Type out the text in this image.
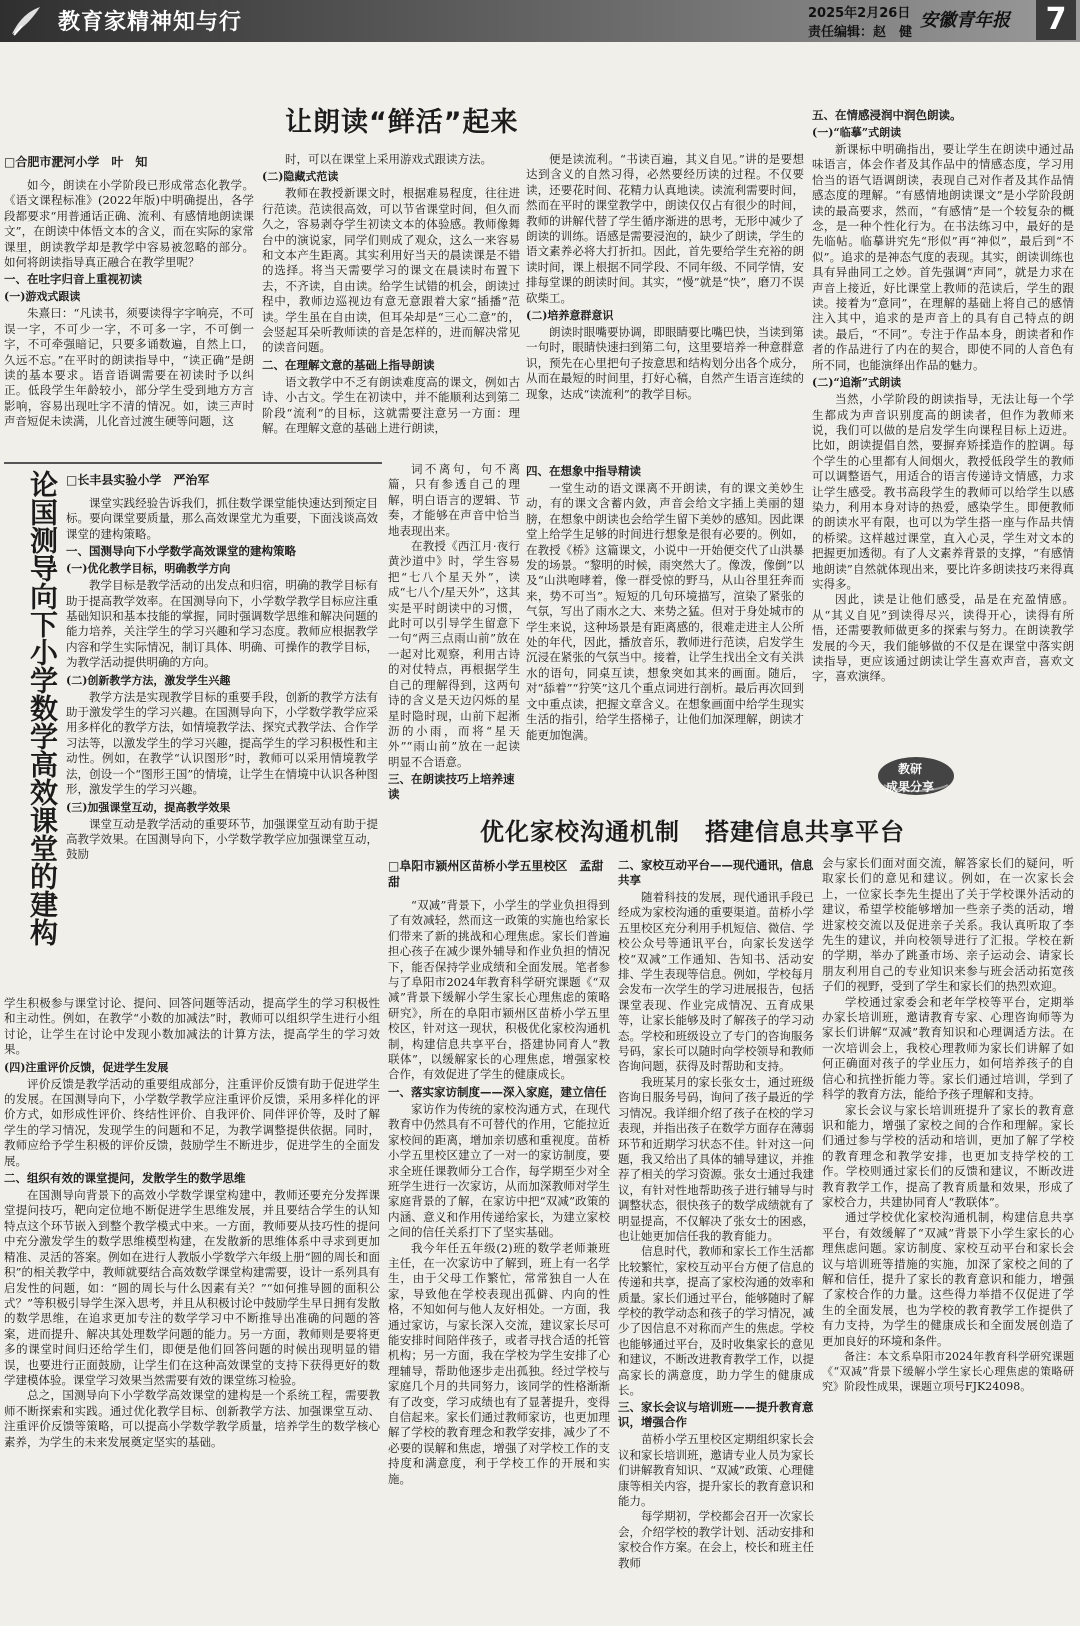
教育家精神知与行	2025年2月26日
责任编辑：赵　健
安徽青年报	7
让朗读“鲜活”起来
□合肥市淝河小学　叶　知

如今，朗读在小学阶段已形成常态化教学。《语文课程标准》(2022年版)中明确提出，各学段都要求“用普通话正确、流利、有感情地朗读课文”，在朗读中体悟文本的含义，而在实际的家常课里，朗读教学却是教学中容易被忽略的部分。如何将朗读指导真正融合在教学里呢？

一、在吐字归音上重视初读

(一)游戏式跟读

朱熹曰：“凡读书，须要读得字字响亮，不可误一字，不可少一字，不可多一字，不可倒一字，不可牵强暗记，只要多诵数遍，自然上口，久远不忘。”在平时的朗读指导中，“读正确”是朗读的基本要求。语音语调需要在初读时予以纠正。低段学生年龄较小，部分学生受到地方方言影响，容易出现吐字不清的情况。如，读三声时声音短促未读满，儿化音过渡生硬等问题，这

时，可以在课堂上采用游戏式跟读方法。

(二)隐藏式范读

教师在教授新课文时，根据难易程度，往往进行范读。范读很高效，可以节省课堂时间，但久而久之，容易剥夺学生初读文本的体验感。教师像舞台中的演说家，同学们则成了观众，这么一来容易和文本产生距离。其实利用好当天的晨读课是不错的选择。将当天需要学习的课文在晨读时布置下去，不齐读，自由读。给学生试错的机会，朗读过程中，教师边巡视边有意无意跟着大家“插播”范读。学生虽在自由读，但耳朵却是“三心二意”的，会竖起耳朵听教师读的音是怎样的，进而解决常见的读音问题。

二、在理解文意的基础上指导朗读

语文教学中不乏有朗读难度高的课文，例如古诗、小古文。学生在初读中，并不能顺利达到第二阶段“流利”的目标，这就需要注意另一方面：理解。在理解文意的基础上进行朗读，

便是读流利。“书读百遍，其义自见。”讲的是要想达到含义的自然习得，必然要经历读的过程。不仅要读，还要花时间、花精力认真地读。读流利需要时间，然而在平时的课堂教学中，朗读仅仅占有很少的时间，教师的讲解代替了学生循序渐进的思考，无形中减少了朗读的训练。语感是需要浸泡的，缺少了朗读，学生的语文素养必将大打折扣。因此，首先要给学生充裕的朗读时间，课上根据不同学段、不同年级、不同学情，安排每堂课的朗读时间。其实，“慢”就是“快”，磨刀不误砍柴工。

(二)培养意群意识

朗读时眼嘴要协调，即眼睛要比嘴巴快，当读到第一句时，眼睛快速扫到第二句，这里要培养一种意群意识，预先在心里把句子按意思和结构划分出各个成分，从而在最短的时间里，打好心稿，自然产生语言连续的现象，达成“读流利”的教学目标。

词不离句，句不离篇，只有参透自己的理解，明白语言的逻辑、节奏，才能够在声音中恰当地表现出来。

在教授《西江月·夜行黄沙道中》时，学生容易把“七八个星天外”，读成“七八个/星天外”，这其实是平时朗读中的习惯，此时可以引导学生留意下一句“两三点雨山前”放在一起对比观察，利用古诗的对仗特点，再根据学生自己的理解得到，这两句诗的含义是天边闪烁的星星时隐时现，山前下起淅沥的小雨，而将“星天外”“雨山前”放在一起读明显不合语意。

三、在朗读技巧上培养速读

四、在想象中指导精读

一堂生动的语文课离不开朗读，有的课文美妙生动，有的课文含蓄内敛，声音会给文字插上美丽的翅膀，在想象中朗读也会给学生留下美妙的感知。因此课堂上给学生足够的时间进行想象是很有必要的。例如，在教授《桥》这篇课文，小说中一开始便交代了山洪暴发的场景。“黎明的时候，雨突然大了。像泼，像倒”以及“山洪咆哮着，像一群受惊的野马，从山谷里狂奔而来，势不可当”。短短的几句环境描写，渲染了紧张的气氛，写出了雨水之大、来势之猛。但对于身处城市的学生来说，这种场景是有距离感的，很难走进主人公所处的年代，因此，播放音乐，教师进行范读，启发学生沉浸在紧张的气氛当中。接着，让学生找出全文有关洪水的语句，同桌互读，想象突如其来的画面。随后，对“舔着”“狞笑”这几个重点词进行剖析。最后再次回到文中重点读，把握文章含义。在想象画面中给学生现实生活的指引，给学生搭梯子，让他们加深理解，朗读才能更加饱满。

五、在情感浸润中润色朗读。

(一)“临摹”式朗读

新课标中明确指出，要让学生在朗读中通过品味语言，体会作者及其作品中的情感态度，学习用恰当的语气语调朗读，表现自己对作者及其作品情感态度的理解。“有感情地朗读课文”是小学阶段朗读的最高要求，然而，“有感情”是一个较复杂的概念，是一种个性化行为。在书法练习中，最好的是先临帖。临摹讲究先“形似”再“神似”，最后到“不似”。追求的是神态气度的表现。其实，朗读训练也具有异曲同工之妙。首先强调“声同”，就是力求在声音上接近，好比课堂上教师的范读后，学生的跟读。接着为“意同”，在理解的基础上将自己的感情注入其中，追求的是声音上的具有自己特点的朗读。最后，“不同”。专注于作品本身，朗读者和作者的作品进行了内在的契合，即使不同的人音色有所不同，也能演绎出作品的魅力。

(二)“追渐”式朗读

当然，小学阶段的朗读指导，无法让每一个学生都成为声音识别度高的朗读者，但作为教师来说，我们可以做的是启发学生向课程目标上迈进。比如，朗读提倡自然，要摒弃矫揉造作的腔调。每个学生的心里都有人间烟火，教授低段学生的教师可以调整语气，用适合的语言传递诗文情感，力求让学生感受。教书高段学生的教师可以给学生以感染力，利用本身对诗的热爱，感染学生。即便教师的朗读水平有限，也可以为学生搭一座与作品共情的桥梁。这样越过课堂，直入心灵，学生对文本的把握更加透彻。有了人文素养背景的支撑，“有感情地朗读”自然就体现出来，要比许多朗读技巧来得真实得多。

因此，读是让他们感受，品是在充盈情感。从“其义自见”到读得尽兴，读得开心，读得有所悟，还需要教师做更多的探索与努力。在朗读教学发展的今天，我们能够做的不仅是在课堂中落实朗读指导，更应该通过朗读让学生喜欢声音，喜欢文字，喜欢演绎。

论国测导向下小学数学高效课堂的建构 □长丰县实验小学　严治军

课堂实践经验告诉我们，抓住数学课堂能快速达到预定目标。要向课堂要质量，那么高效课堂尤为重要，下面浅谈高效课堂的建构策略。

一、国测导向下小学数学高效课堂的建构策略

(一)优化教学目标，明确教学方向

教学目标是教学活动的出发点和归宿，明确的教学目标有助于提高教学效率。在国测导向下，小学数学教学目标应注重基础知识和基本技能的掌握，同时强调数学思维和解决问题的能力培养，关注学生的学习兴趣和学习态度。教师应根据教学内容和学生实际情况，制订具体、明确、可操作的教学目标，为教学活动提供明确的方向。

(二)创新教学方法，激发学生兴趣

教学方法是实现教学目标的重要手段，创新的教学方法有助于激发学生的学习兴趣。在国测导向下，小学数学教学应采用多样化的教学方法，如情境教学法、探究式教学法、合作学习法等，以激发学生的学习兴趣，提高学生的学习积极性和主动性。例如，在教学“认识图形”时，教师可以采用情境教学法，创设一个“图形王国”的情境，让学生在情境中认识各种图形，激发学生的学习兴趣。

(三)加强课堂互动，提高教学效果

课堂互动是教学活动的重要环节，加强课堂互动有助于提高教学效果。在国测导向下，小学数学教学应加强课堂互动，鼓励

学生积极参与课堂讨论、提问、回答问题等活动，提高学生的学习积极性和主动性。例如，在教学“小数的加减法”时，教师可以组织学生进行小组讨论，让学生在讨论中发现小数加减法的计算方法，提高学生的学习效果。

(四)注重评价反馈，促进学生发展

评价反馈是教学活动的重要组成部分，注重评价反馈有助于促进学生的发展。在国测导向下，小学数学教学应注重评价反馈，采用多样化的评价方式，如形成性评价、终结性评价、自我评价、同伴评价等，及时了解学生的学习情况，发现学生的问题和不足，为教学调整提供依据。同时，教师应给予学生积极的评价反馈，鼓励学生不断进步，促进学生的全面发展。

二、组织有效的课堂提问，发散学生的数学思维

在国测导向背景下的高效小学数学课堂构建中，教师还要充分发挥课堂提问技巧，靶向定位地不断促进学生思维发展，并且要结合学生的认知特点这个环节嵌入到整个教学模式中来。一方面，教师要从技巧性的提问中充分激发学生的数学思维模型构建，在发散新的思维体系中寻求到更加精准、灵活的答案。例如在进行人教版小学数学六年级上册“圆的周长和面积”的相关教学中，教师就要结合高效数学课堂构建需要，设计一系列具有启发性的问题，如：“圆的周长与什么因素有关？”“如何推导圆的面积公式？”等积极引导学生深入思考，并且从积极讨论中鼓励学生早日拥有发散的数学思维，在追求更加专注的数学学习中不断推导出准确的问题的答案，进而提升、解决其处理数学问题的能力。另一方面，教师则是要将更多的课堂时间归还给学生们，即便是他们回答问题的时候出现明显的错误，也要进行正面鼓励，让学生们在这种高效课堂的支持下获得更好的数学建模体验。课堂学习效果当然需要有效的课堂练习检验。

总之，国测导向下小学数学高效课堂的建构是一个系统工程，需要教师不断探索和实践。通过优化教学目标、创新教学方法、加强课堂互动、注重评价反馈等策略，可以提高小学数学教学质量，培养学生的数学核心素养，为学生的未来发展奠定坚实的基础。

教研
成果分享
优化家校沟通机制　搭建信息共享平台
□阜阳市颍州区苗桥小学五里校区　孟甜甜

“双减”背景下，小学生的学业负担得到了有效减轻，然而这一政策的实施也给家长们带来了新的挑战和心理焦虑。家长们普遍担心孩子在减少课外辅导和作业负担的情况下，能否保持学业成绩和全面发展。笔者参与了阜阳市2024年教育科学研究课题《“双减”背景下缓解小学生家长心理焦虑的策略研究》，所在的阜阳市颍州区苗桥小学五里校区，针对这一现状，积极优化家校沟通机制，构建信息共享平台，搭建协同育人“教联体”，以缓解家长的心理焦虑，增强家校合作，有效促进了学生的健康成长。

一、落实家访制度——深入家庭，建立信任

家访作为传统的家校沟通方式，在现代教育中仍然具有不可替代的作用，它能拉近家校间的距离，增加亲切感和重视度。苗桥小学五里校区建立了一对一的家访制度，要求全班任课教师分工合作，每学期至少对全班学生进行一次家访，从而加深教师对学生家庭背景的了解，在家访中把“双减”政策的内涵、意义和作用传递给家长，为建立家校之间的信任关系打下了坚实基础。

我今年任五年级(2)班的数学老师兼班主任，在一次家访中了解到，班上有一名学生，由于父母工作繁忙，常常独自一人在家，导致他在学校表现出孤僻、内向的性格，不知如何与他人友好相处。一方面，我通过家访，与家长深入交流，建议家长尽可能安排时间陪伴孩子，或者寻找合适的托管机构；另一方面，我在学校为学生安排了心理辅导，帮助他逐步走出孤独。经过学校与家庭几个月的共同努力，该同学的性格渐渐有了改变，学习成绩也有了显著提升，变得自信起来。家长们通过教师家访，也更加理解了学校的教育理念和教学安排，减少了不必要的误解和焦虑，增强了对学校工作的支持度和满意度，利于学校工作的开展和实施。

二、家校互动平台——现代通讯，信息共享

随着科技的发展，现代通讯手段已经成为家校沟通的重要渠道。苗桥小学五里校区充分利用手机短信、微信、学校公众号等通讯平台，向家长发送学校“双减”工作通知、告知书、活动安排、学生表现等信息。例如，学校每月会发布一次学生的学习进展报告，包括课堂表现、作业完成情况、五育成果等，让家长能够及时了解孩子的学习动态。学校和班级设立了专门的咨询服务号码，家长可以随时向学校领导和教师咨询问题，获得及时帮助和支持。

我班某月的家长张女士，通过班级咨询日服务号码，询问了孩子最近的学习情况。我详细介绍了孩子在校的学习表现，并指出孩子在数学方面存在薄弱环节和近期学习状态不佳。针对这一问题，我又给出了具体的辅导建议，并推荐了相关的学习资源。张女士通过我建议，有针对性地帮助孩子进行辅导与时调整状态，很快孩子的数学成绩就有了明显提高，不仅解决了张女士的困惑，也让她更加信任我的教育能力。

信息时代，教师和家长工作生活都比较繁忙，家校互动平台方便了信息的传递和共享，提高了家校沟通的效率和质量。家长们通过平台，能够随时了解学校的教学动态和孩子的学习情况，减少了因信息不对称而产生的焦虑。学校也能够通过平台，及时收集家长的意见和建议，不断改进教育教学工作，以提高家长的满意度，助力学生的健康成长。

三、家长会议与培训班——提升教育意识，增强合作

苗桥小学五里校区定期组织家长会议和家长培训班，邀请专业人员为家长们讲解教育知识、“双减”政策、心理健康等相关内容，提升家长的教育意识和能力。

每学期初，学校都会召开一次家长会，介绍学校的教学计划、活动安排和家校合作方案。在会上，校长和班主任教师

会与家长们面对面交流，解答家长们的疑问，听取家长们的意见和建议。例如，在一次家长会上，一位家长李先生提出了关于学校课外活动的建议，希望学校能够增加一些亲子类的活动，增进家校交流以及促进亲子关系。我认真听取了李先生的建议，并向校领导进行了汇报。学校在新的学期，举办了跳蚤市场、亲子运动会、请家长朋友利用自己的专业知识来参与班会活动拓宽孩子们的视野，受到了学生和家长们的热烈欢迎。

学校通过家委会和老年学校等平台，定期举办家长培训班，邀请教育专家、心理咨询师等为家长们讲解“双减”教育知识和心理调适方法。在一次培训会上，我校心理教师为家长们讲解了如何正确面对孩子的学业压力，如何培养孩子的自信心和抗挫折能力等。家长们通过培训，学到了科学的教育方法，能给予孩子理解和支持。

家长会议与家长培训班提升了家长的教育意识和能力，增强了家校之间的合作和理解。家长们通过参与学校的活动和培训，更加了解了学校的教育理念和教学安排，也更加支持学校的工作。学校则通过家长们的反馈和建议，不断改进教育教学工作，提高了教育质量和效果，形成了家校合力，共建协同育人“教联体”。

通过学校优化家校沟通机制，构建信息共享平台，有效缓解了“双减”背景下小学生家长的心理焦虑问题。家访制度、家校互动平台和家长会议与培训班等措施的实施，加深了家校之间的了解和信任，提升了家长的教育意识和能力，增强了家校合作的力量。这些得力举措不仅促进了学生的全面发展，也为学校的教育教学工作提供了有力支持，为学生的健康成长和全面发展创造了更加良好的环境和条件。

备注：本文系阜阳市2024年教育科学研究课题《“双减”背景下缓解小学生家长心理焦虑的策略研究》阶段性成果，课题立项号FJK24098。
